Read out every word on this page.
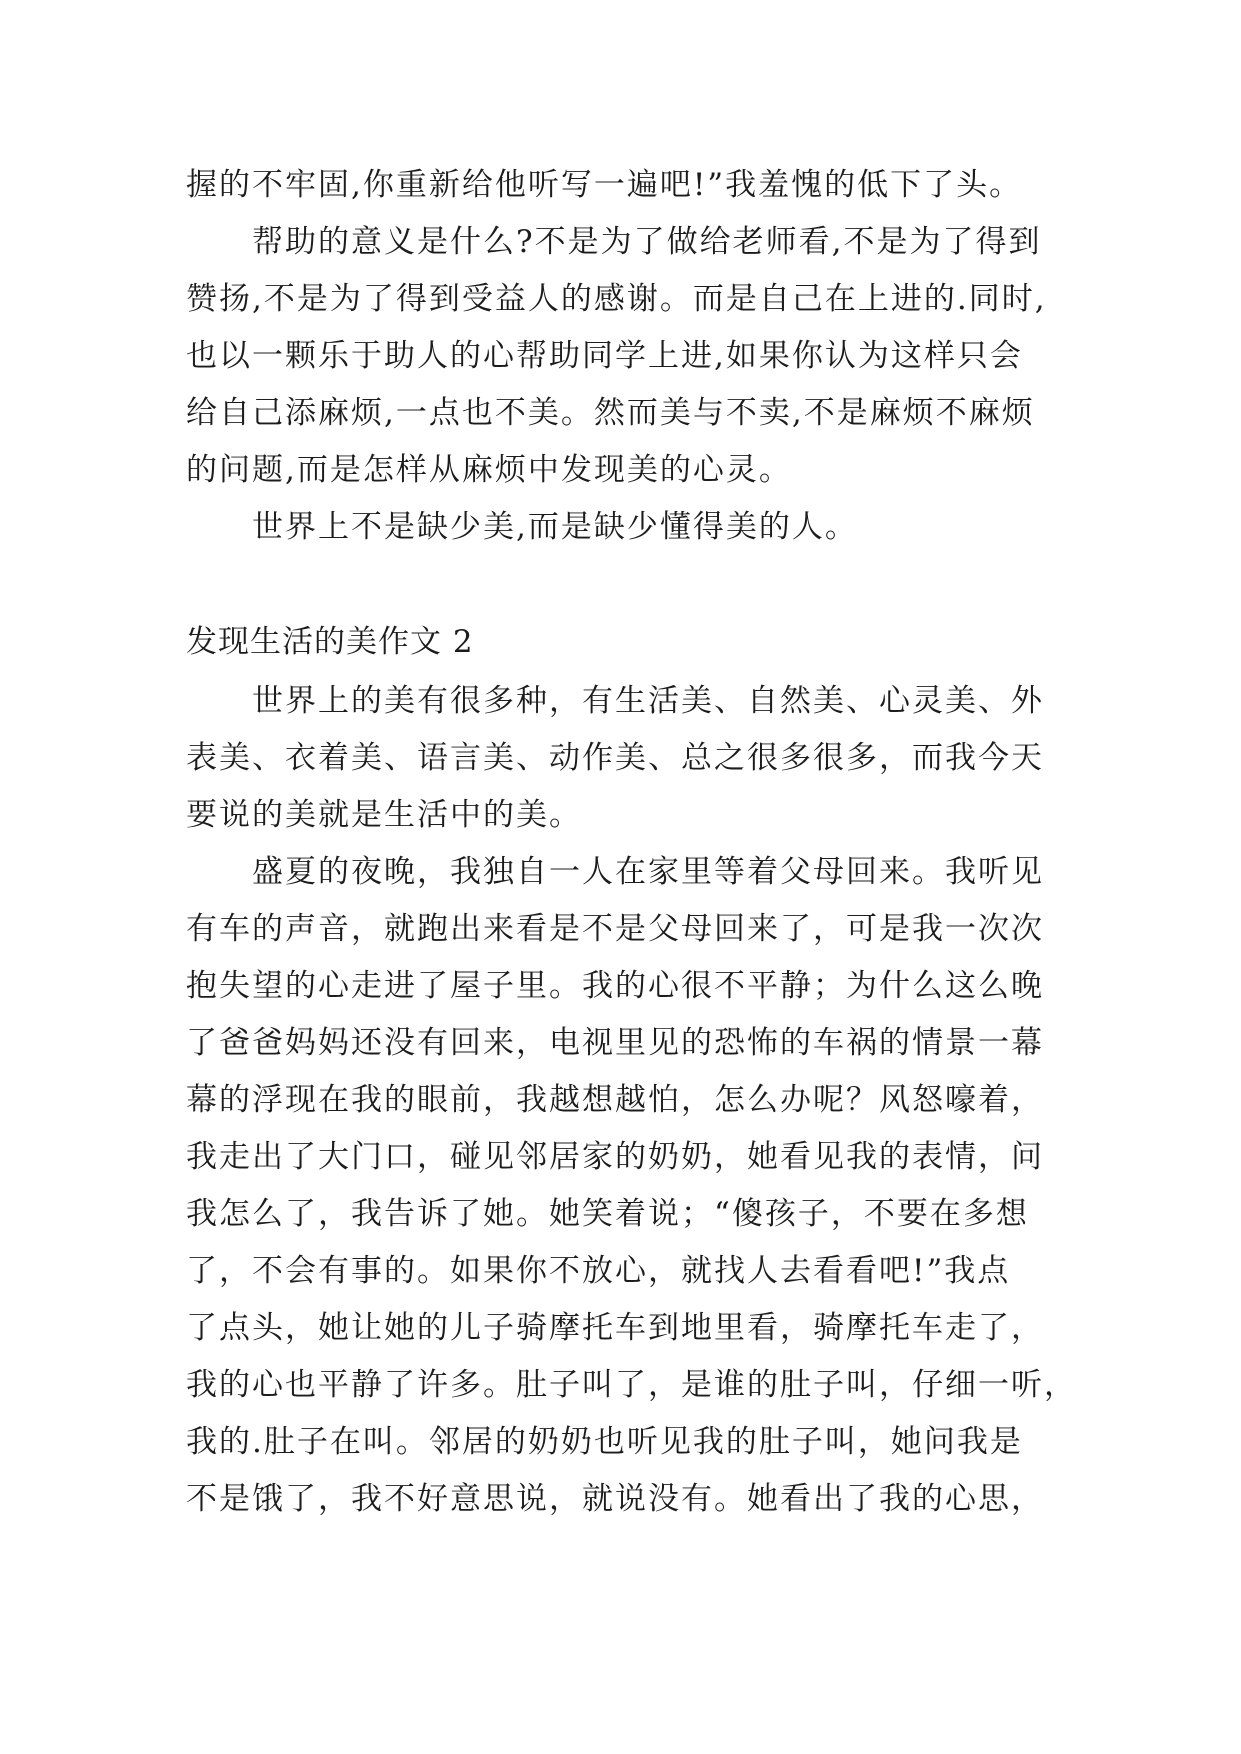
握的不牢固,你重新给他听写一遍吧!”我羞愧的低下了头。
帮助的意义是什么?不是为了做给老师看,不是为了得到
赞扬,不是为了得到受益人的感谢。而是自己在上进的.同时,
也以一颗乐于助人的心帮助同学上进,如果你认为这样只会
给自己添麻烦,一点也不美。然而美与不卖,不是麻烦不麻烦
的问题,而是怎样从麻烦中发现美的心灵。
世界上不是缺少美,而是缺少懂得美的人。
发现生活的美作文 2
世界上的美有很多种，有生活美、自然美、心灵美、外
表美、衣着美、语言美、动作美、总之很多很多，而我今天
要说的美就是生活中的美。
盛夏的夜晚，我独自一人在家里等着父母回来。我听见
有车的声音，就跑出来看是不是父母回来了，可是我一次次
抱失望的心走进了屋子里。我的心很不平静；为什么这么晚
了爸爸妈妈还没有回来，电视里见的恐怖的车祸的情景一幕
幕的浮现在我的眼前，我越想越怕，怎么办呢？风怒嚎着，
我走出了大门口，碰见邻居家的奶奶，她看见我的表情，问
我怎么了，我告诉了她。她笑着说；“傻孩子，不要在多想
了，不会有事的。如果你不放心，就找人去看看吧!”我点
了点头，她让她的儿子骑摩托车到地里看，骑摩托车走了，
我的心也平静了许多。肚子叫了，是谁的肚子叫，仔细一听，
我的.肚子在叫。邻居的奶奶也听见我的肚子叫，她问我是
不是饿了，我不好意思说，就说没有。她看出了我的心思，
